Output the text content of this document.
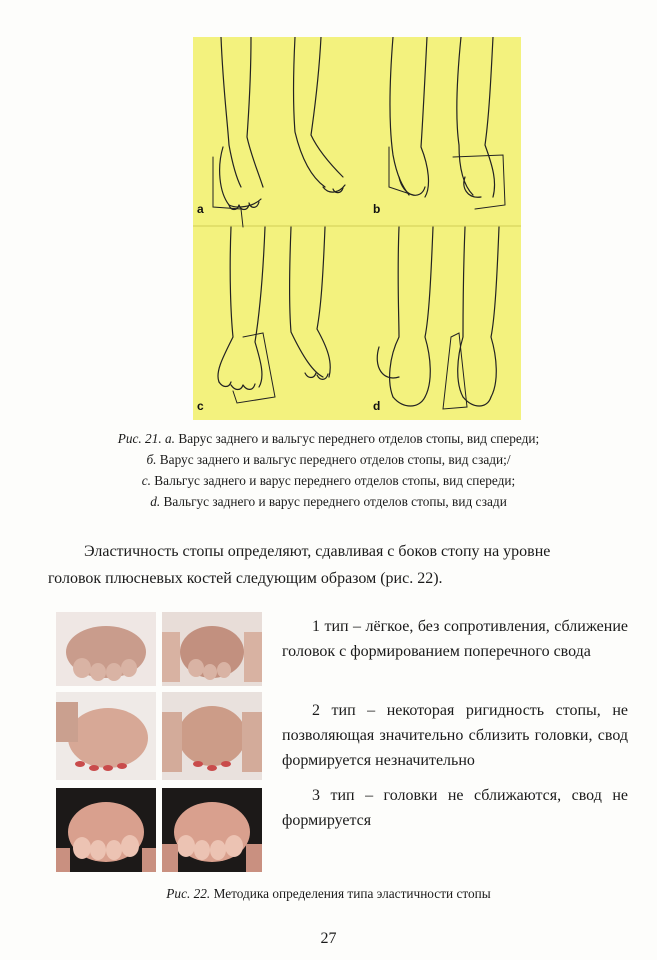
a	b
c	d
Рис. 21. a. Варус заднего и вальгус переднего отделов стопы, вид спереди;
б. Варус заднего и вальгус переднего отделов стопы, вид сзади;/
c. Вальгус заднего и варус переднего отделов стопы, вид спереди;
d. Вальгус заднего и варус переднего отделов стопы, вид сзади
Эластичность стопы определяют, сдавливая с боков стопу на уровне
головок плюсневых костей следующим образом (рис. 22).
1 тип – лёгкое, без сопротивления, сближение головок с формированием поперечного свода
2 тип – некоторая ригидность стопы, не позволяющая значительно сблизить головки, свод формируется незначительно
3 тип – головки не сближаются, свод не формируется
Рис. 22. Методика определения типа эластичности стопы
27
